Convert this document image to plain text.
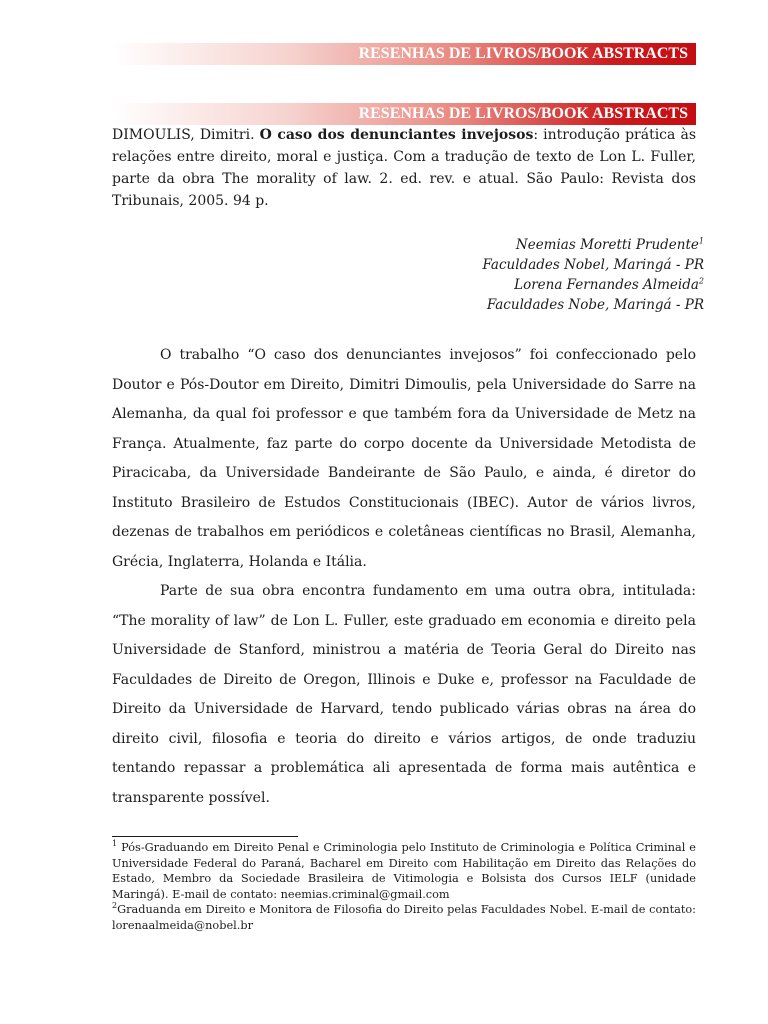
RESENHAS DE LIVROS/BOOK ABSTRACTS
RESENHAS DE LIVROS/BOOK ABSTRACTS
DIMOULIS, Dimitri. O caso dos denunciantes invejosos: introdução prática às relações entre direito, moral e justiça. Com a tradução de texto de Lon L. Fuller, parte da obra The morality of law. 2. ed. rev. e atual. São Paulo: Revista dos Tribunais, 2005. 94 p.
Neemias Moretti Prudente$^1$
Faculdades Nobel, Maringá - PR
Lorena Fernandes Almeida$^2$
Faculdades Nobe, Maringá - PR

O trabalho “O caso dos denunciantes invejosos” foi confeccionado pelo Doutor e Pós-Doutor em Direito, Dimitri Dimoulis, pela Universidade do Sarre na Alemanha, da qual foi professor e que também fora da Universidade de Metz na França. Atualmente, faz parte do corpo docente da Universidade Metodista de Piracicaba, da Universidade Bandeirante de São Paulo, e ainda, é diretor do Instituto Brasileiro de Estudos Constitucionais (IBEC). Autor de vários livros, dezenas de trabalhos em periódicos e coletâneas científicas no Brasil, Alemanha, Grécia, Inglaterra, Holanda e Itália.

Parte de sua obra encontra fundamento em uma outra obra, intitulada: “The morality of law” de Lon L. Fuller, este graduado em economia e direito pela Universidade de Stanford, ministrou a matéria de Teoria Geral do Direito nas Faculdades de Direito de Oregon, Illinois e Duke e, professor na Faculdade de Direito da Universidade de Harvard, tendo publicado várias obras na área do direito civil, filosofia e teoria do direito e vários artigos, de onde traduziu tentando repassar a problemática ali apresentada de forma mais autêntica e transparente possível.

$^1$ Pós-Graduando em Direito Penal e Criminologia pelo Instituto de Criminologia e Política Criminal e Universidade Federal do Paraná, Bacharel em Direito com Habilitação em Direito das Relações do Estado, Membro da Sociedade Brasileira de Vitimologia e Bolsista dos Cursos IELF (unidade Maringá). E-mail de contato: neemias.criminal@gmail.com

$^2$Graduanda em Direito e Monitora de Filosofia do Direito pelas Faculdades Nobel. E-mail de contato: lorenaalmeida@nobel.br
